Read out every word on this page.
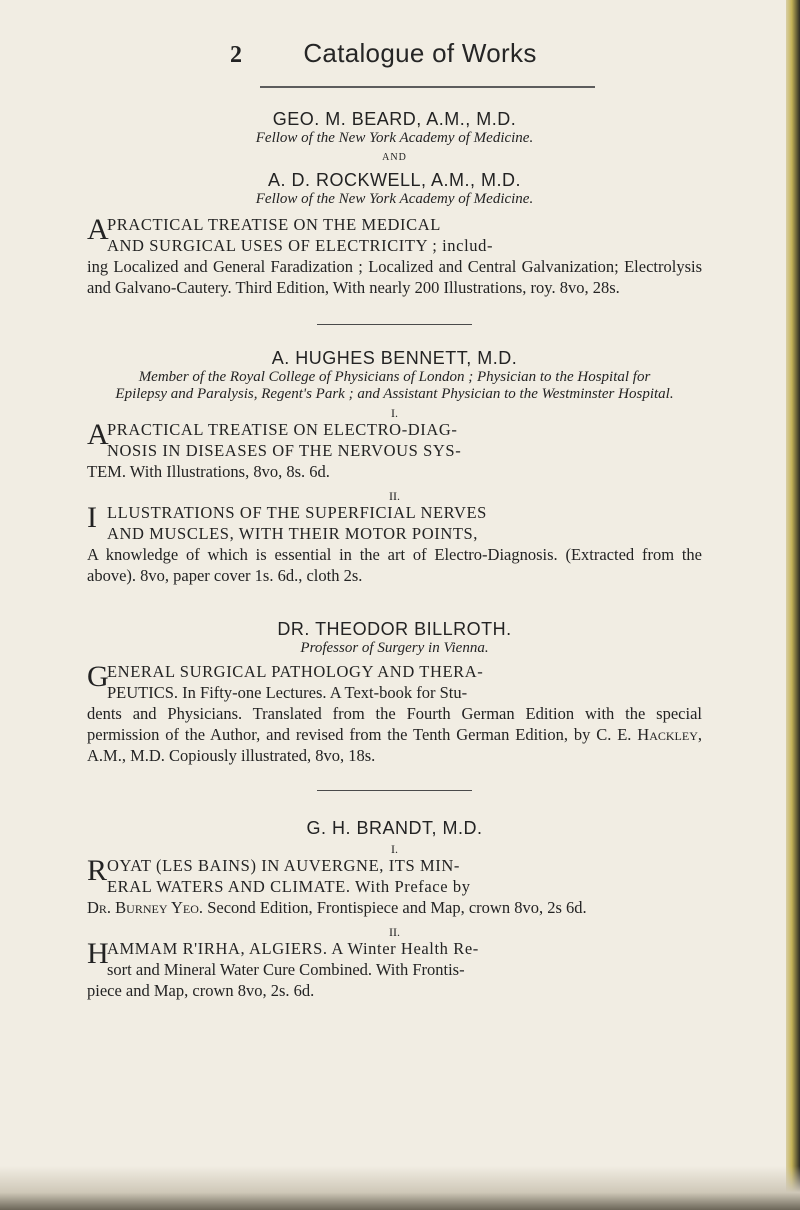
2 Catalogue of Works

GEO. M. BEARD, A.M., M.D.

Fellow of the New York Academy of Medicine.

AND

A. D. ROCKWELL, A.M., M.D.

Fellow of the New York Academy of Medicine.

A
PRACTICAL TREATISE ON THE MEDICAL
AND SURGICAL USES OF ELECTRICITY ; includ-
ing Localized and General Faradization ; Localized and Central Galvanization; Electrolysis and Galvano-Cautery. Third Edition, With nearly 200 Illustrations, roy. 8vo, 28s.

A. HUGHES BENNETT, M.D.

Member of the Royal College of Physicians of London ; Physician to the Hospital for Epilepsy and Paralysis, Regent's Park ; and Assistant Physician to the Westminster Hospital.

I.

A
PRACTICAL TREATISE ON ELECTRO-DIAG-
NOSIS IN DISEASES OF THE NERVOUS SYS-
TEM. With Illustrations, 8vo, 8s. 6d.

II.

I LLUSTRATIONS OF THE SUPERFICIAL NERVES
AND MUSCLES, WITH THEIR MOTOR POINTS,
A knowledge of which is essential in the art of Electro-Diagnosis. (Extracted from the above). 8vo, paper cover 1s. 6d., cloth 2s.

DR. THEODOR BILLROTH.

Professor of Surgery in Vienna.

G
ENERAL SURGICAL PATHOLOGY AND THERA-
PEUTICS. In Fifty-one Lectures. A Text-book for Stu-
dents and Physicians. Translated from the Fourth German Edition with the special permission of the Author, and revised from the Tenth German Edition, by C. E. Hackley, A.M., M.D. Copiously illustrated, 8vo, 18s.

G. H. BRANDT, M.D.

I.

R OYAT (LES BAINS) IN AUVERGNE, ITS MIN-
ERAL WATERS AND CLIMATE. With Preface by
Dr. Burney Yeo. Second Edition, Frontispiece and Map, crown 8vo, 2s 6d.

II.

H
AMMAM R'IRHA, ALGIERS. A Winter Health Re-
sort and Mineral Water Cure Combined. With Frontis-
piece and Map, crown 8vo, 2s. 6d.
